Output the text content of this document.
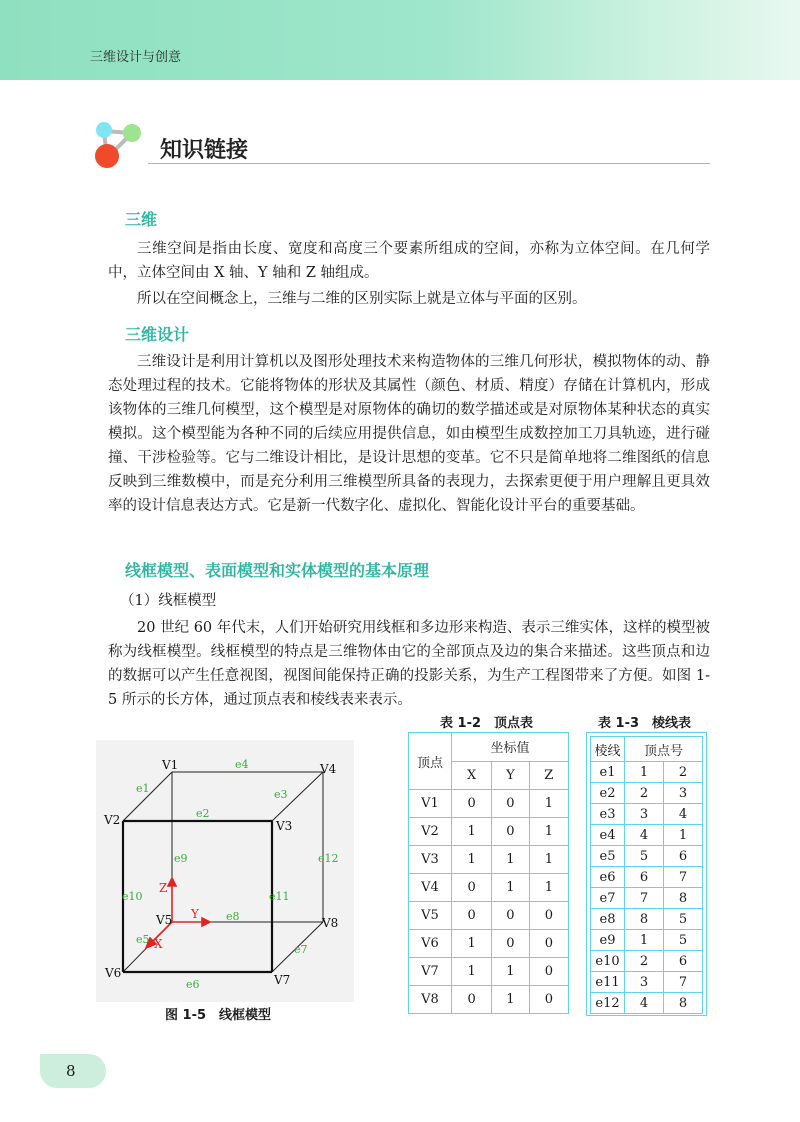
三维设计与创意
知识链接
三维

三维空间是指由长度、宽度和高度三个要素所组成的空间，亦称为立体空间。在几何学中，立体空间由 X 轴、Y 轴和 Z 轴组成。

所以在空间概念上，三维与二维的区别实际上就是立体与平面的区别。

三维设计

三维设计是利用计算机以及图形处理技术来构造物体的三维几何形状，模拟物体的动、静态处理过程的技术。它能将物体的形状及其属性（颜色、材质、精度）存储在计算机内，形成该物体的三维几何模型，这个模型是对原物体的确切的数学描述或是对原物体某种状态的真实模拟。这个模型能为各种不同的后续应用提供信息，如由模型生成数控加工刀具轨迹，进行碰撞、干涉检验等。它与二维设计相比，是设计思想的变革。它不只是简单地将二维图纸的信息反映到三维数模中，而是充分利用三维模型所具备的表现力，去探索更便于用户理解且更具效率的设计信息表达方式。它是新一代数字化、虚拟化、智能化设计平台的重要基础。

线框模型、表面模型和实体模型的基本原理

（1）线框模型

20 世纪 60 年代末，人们开始研究用线框和多边形来构造、表示三维实体，这样的模型被称为线框模型。线框模型的特点是三维物体由它的全部顶点及边的集合来描述。这些顶点和边的数据可以产生任意视图，视图间能保持正确的投影关系，为生产工程图带来了方便。如图 1-5 所示的长方体，通过顶点表和棱线表来表示。

Z
Y
X
V1
V2	V3
V4
V5
V6	V7
V8
e1
e2
e3
e4
e5
e6
e7
e8
e9
e10	e11
e12
图 1-5　线框模型
表 1-2　顶点表
顶点	坐标值		
	X	Y	Z
V1	0	0	1
V2	1	0	1
V3	1	1	1
V4	0	1	1
V5	0	0	0
V6	1	0	0
V7	1	1	0
V8	0	1	0
表 1-3　棱线表
棱线	顶点号	
e1	1	2
e2	2	3
e3	3	4
e4	4	1
e5	5	6
e6	6	7
e7	7	8
e8	8	5
e9	1	5
e10	2	6
e11	3	7
e12	4	8
8
